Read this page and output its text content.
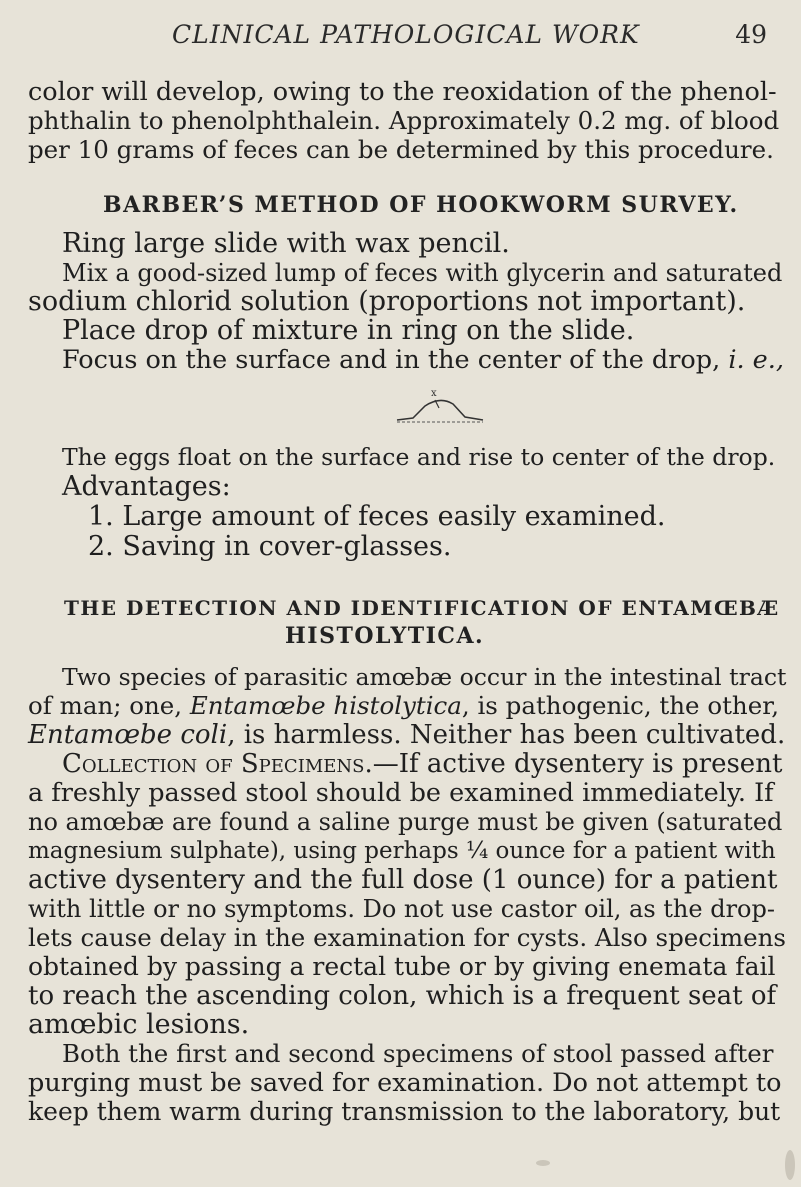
CLINICAL PATHOLOGICAL WORK	49
color will develop, owing to the reoxidation of the phenol-
phthalin to phenolphthalein. Approximately 0.2 mg. of blood
per 10 grams of feces can be determined by this procedure.
BARBER’S METHOD OF HOOKWORM SURVEY.
Ring large slide with wax pencil.
Mix a good-sized lump of feces with glycerin and saturated
sodium chlorid solution (proportions not important).
Place drop of mixture in ring on the slide.
Focus on the surface and in the center of the drop, i. e.,
x
The eggs float on the surface and rise to center of the drop.
Advantages:
1. Large amount of feces easily examined.
2. Saving in cover-glasses.
THE DETECTION AND IDENTIFICATION OF ENTAMŒBÆ
HISTOLYTICA.
Two species of parasitic amœbæ occur in the intestinal tract
of man; one, Entamœbe histolytica, is pathogenic, the other,
Entamœbe coli, is harmless. Neither has been cultivated.
Collection of Specimens.—If active dysentery is present
a freshly passed stool should be examined immediately. If
no amœbæ are found a saline purge must be given (saturated
magnesium sulphate), using perhaps ¼ ounce for a patient with
active dysentery and the full dose (1 ounce) for a patient
with little or no symptoms. Do not use castor oil, as the drop-
lets cause delay in the examination for cysts. Also specimens
obtained by passing a rectal tube or by giving enemata fail
to reach the ascending colon, which is a frequent seat of
amœbic lesions.
Both the first and second specimens of stool passed after
purging must be saved for examination. Do not attempt to
keep them warm during transmission to the laboratory, but
